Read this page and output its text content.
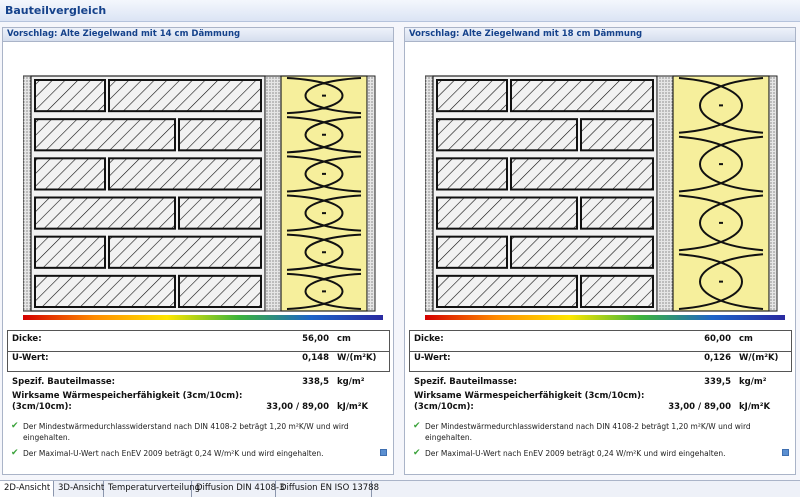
Bauteilvergleich
Vorschlag: Alte Ziegelwand mit 14 cm Dämmung
Dicke:	56,00 cm
U-Wert:	0,148 W/(m²K)
Spezif. Bauteilmasse:	338,5 kg/m²
Wirksame Wärmespeicherfähigkeit (3cm/10cm):
(3cm/10cm):	33,00 / 89,00 kJ/m²K
✔ Der Mindestwärmedurchlasswiderstand nach DIN 4108-2 beträgt 1,20 m²K/W und wird eingehalten.
✔ Der Maximal-U-Wert nach EnEV 2009 beträgt 0,24 W/m²K und wird eingehalten.
Vorschlag: Alte Ziegelwand mit 18 cm Dämmung
Dicke:	60,00 cm
U-Wert:	0,126 W/(m²K)
Spezif. Bauteilmasse:	339,5 kg/m²
Wirksame Wärmespeicherfähigkeit (3cm/10cm):
(3cm/10cm):	33,00 / 89,00 kJ/m²K
✔ Der Mindestwärmedurchlasswiderstand nach DIN 4108-2 beträgt 1,20 m²K/W und wird eingehalten.
✔ Der Maximal-U-Wert nach EnEV 2009 beträgt 0,24 W/m²K und wird eingehalten.
2D-Ansicht 3D-Ansicht Temperaturverteilung
Diffusion DIN 4108-3
Diffusion EN ISO 13788
